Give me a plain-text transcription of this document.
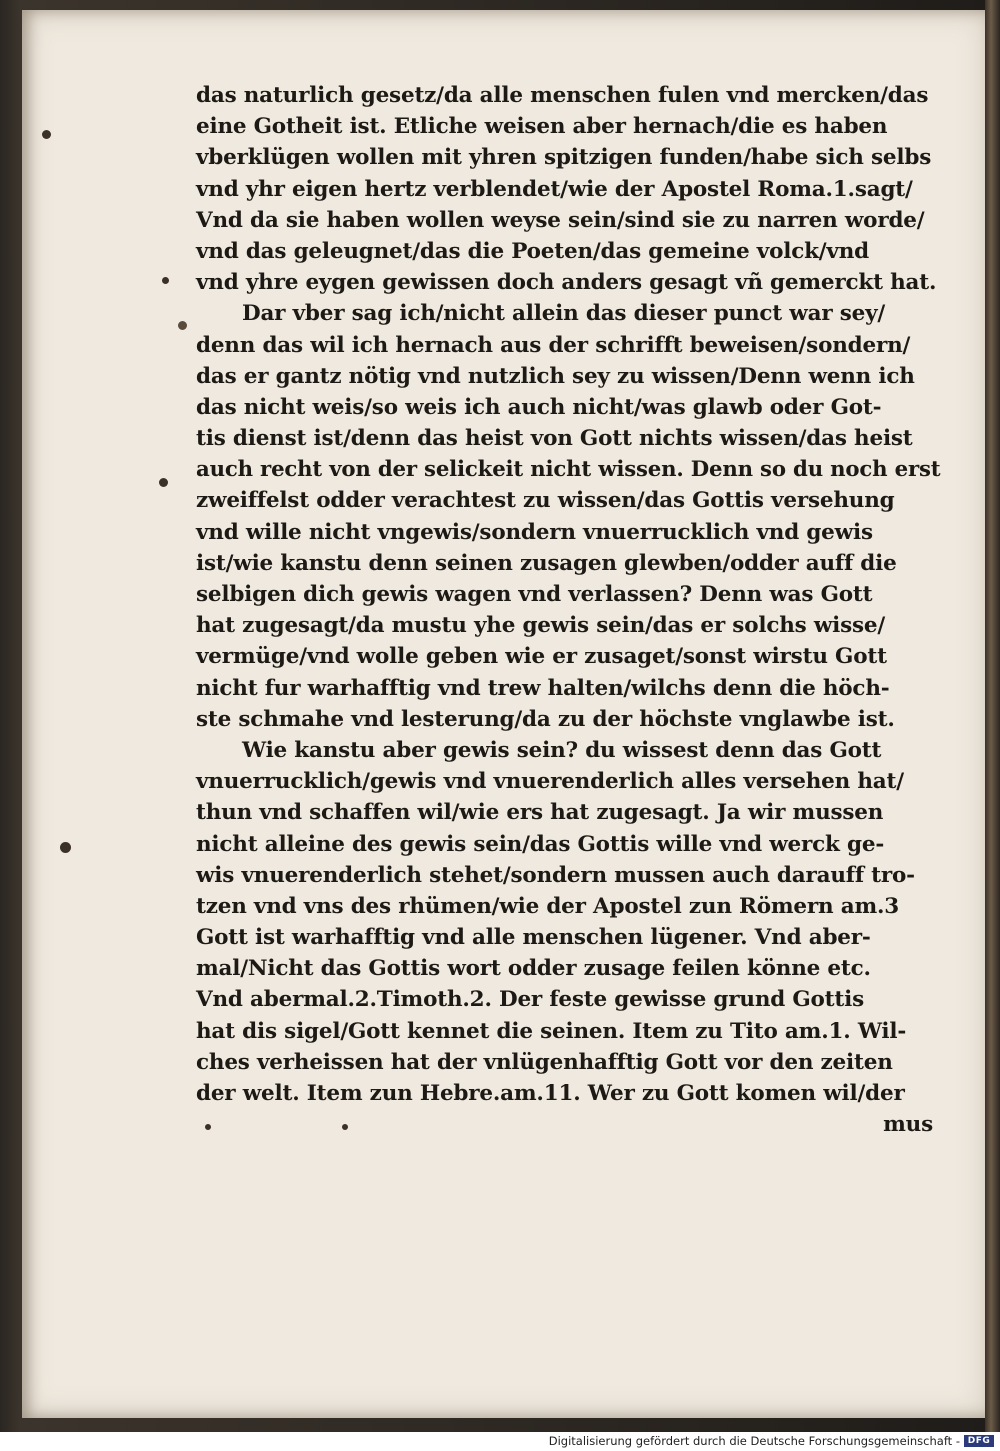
das naturlich gesetz/da alle menschen fulen vnd mercken/das
eine Gotheit ist. Etliche weisen aber hernach/die es haben
vberklügen wollen mit yhren spitzigen funden/habe sich selbs
vnd yhr eigen hertz verblendet/wie der Apostel Roma.1.sagt/
Vnd da sie haben wollen weyse sein/sind sie zu narren worde/
vnd das geleugnet/das die Poeten/das gemeine volck/vnd
vnd yhre eygen gewissen doch anders gesagt vñ gemerckt hat.
Dar vber sag ich/nicht allein das dieser punct war sey/
denn das wil ich hernach aus der schrifft beweisen/sondern/
das er gantz nötig vnd nutzlich sey zu wissen/Denn wenn ich
das nicht weis/so weis ich auch nicht/was glawb oder Got-
tis dienst ist/denn das heist von Gott nichts wissen/das heist
auch recht von der selickeit nicht wissen. Denn so du noch erst
zweiffelst odder verachtest zu wissen/das Gottis versehung
vnd wille nicht vngewis/sondern vnuerrucklich vnd gewis
ist/wie kanstu denn seinen zusagen glewben/odder auff die
selbigen dich gewis wagen vnd verlassen? Denn was Gott
hat zugesagt/da mustu yhe gewis sein/das er solchs wisse/
vermüge/vnd wolle geben wie er zusaget/sonst wirstu Gott
nicht fur warhafftig vnd trew halten/wilchs denn die höch-
ste schmahe vnd lesterung/da zu der höchste vnglawbe ist.
Wie kanstu aber gewis sein? du wissest denn das Gott
vnuerrucklich/gewis vnd vnuerenderlich alles versehen hat/
thun vnd schaffen wil/wie ers hat zugesagt. Ja wir mussen
nicht alleine des gewis sein/das Gottis wille vnd werck ge-
wis vnuerenderlich stehet/sondern mussen auch darauff tro-
tzen vnd vns des rhümen/wie der Apostel zun Römern am.3
Gott ist warhafftig vnd alle menschen lügener. Vnd aber-
mal/Nicht das Gottis wort odder zusage feilen könne etc.
Vnd abermal.2.Timoth.2. Der feste gewisse grund Gottis
hat dis sigel/Gott kennet die seinen. Item zu Tito am.1. Wil-
ches verheissen hat der vnlügenhafftig Gott vor den zeiten
der welt. Item zun Hebre.am.11. Wer zu Gott komen wil/der
mus
Digitalisierung gefördert durch die Deutsche Forschungsgemeinschaft - DFG
